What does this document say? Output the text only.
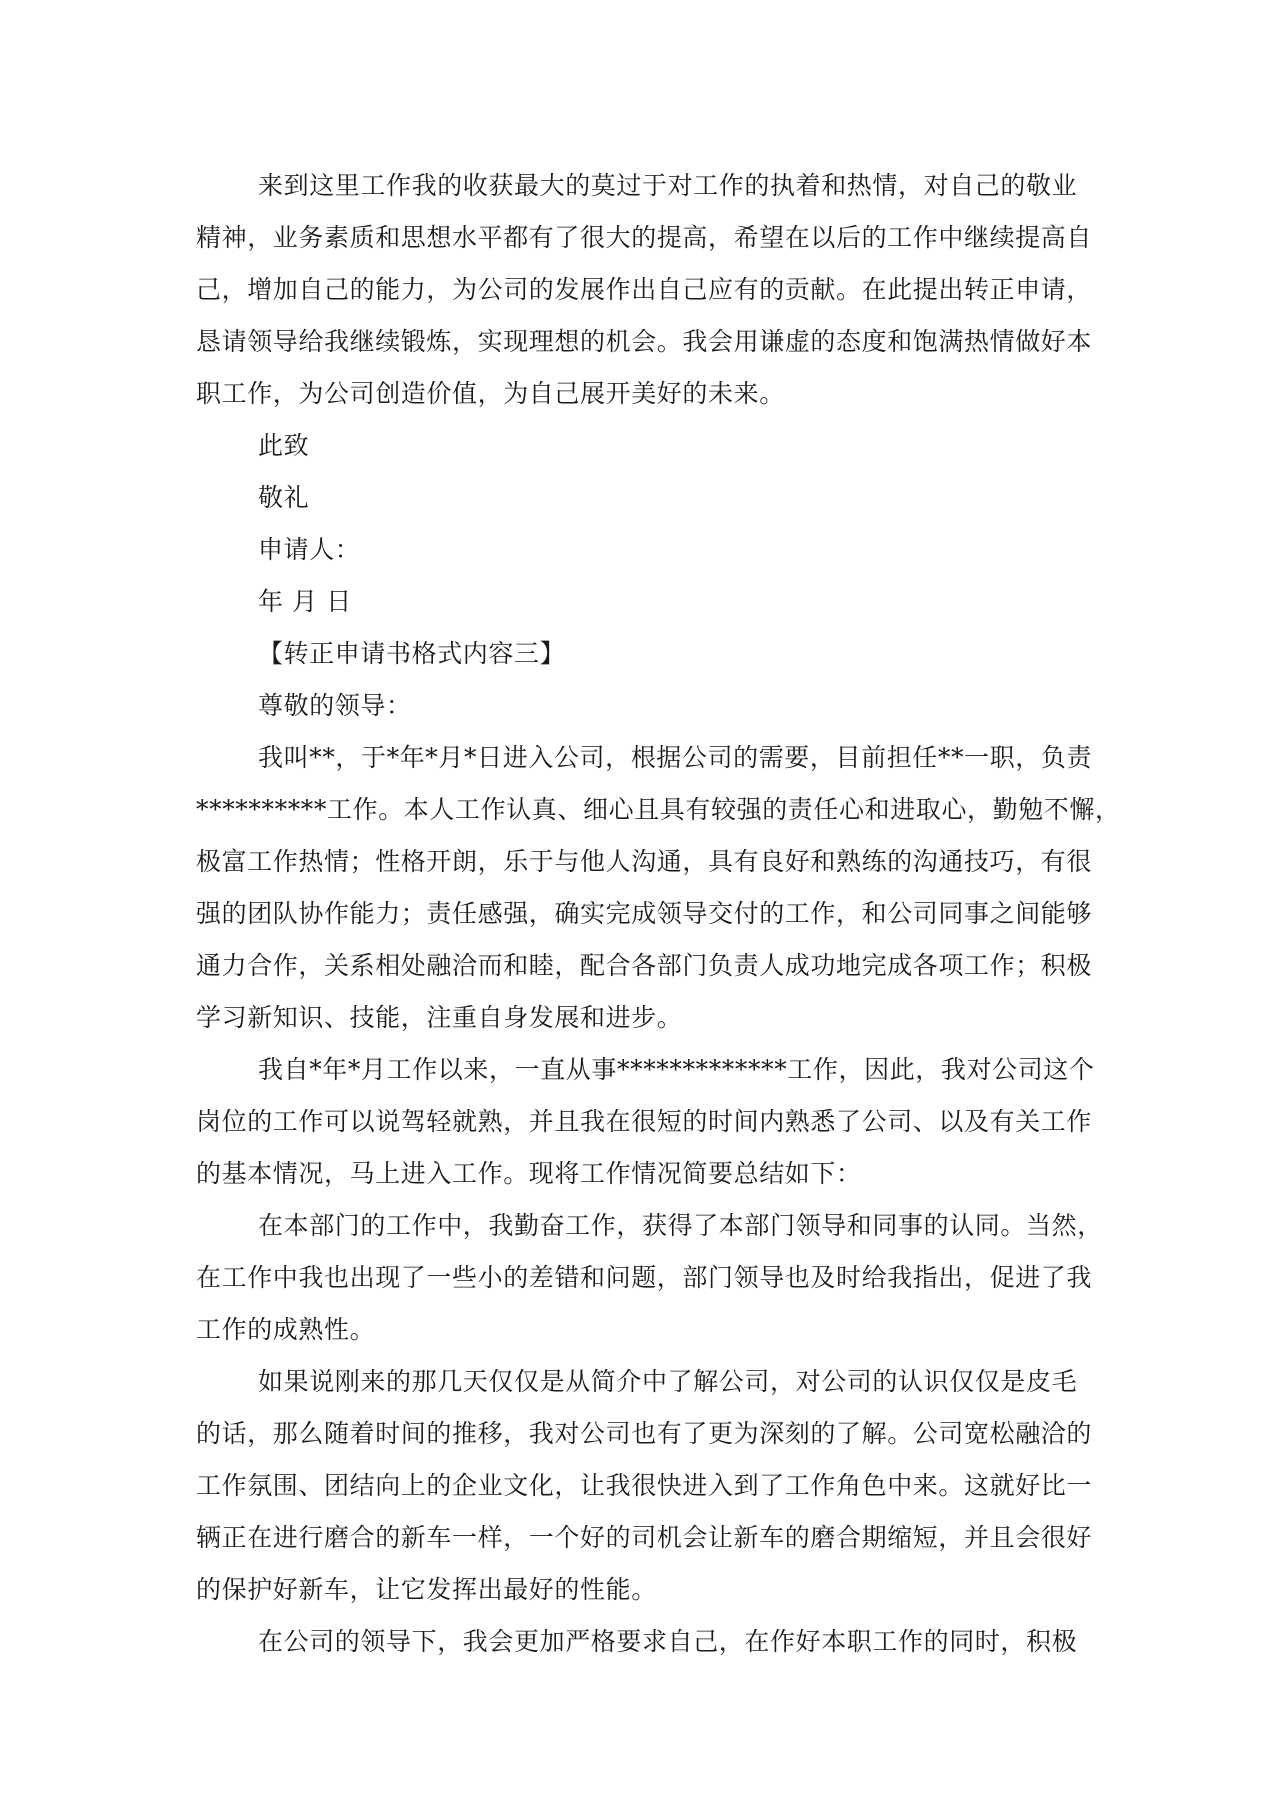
来到这里工作我的收获最大的莫过于对工作的执着和热情，对自己的敬业
精神，业务素质和思想水平都有了很大的提高，希望在以后的工作中继续提高自
己，增加自己的能力，为公司的发展作出自己应有的贡献。在此提出转正申请，
恳请领导给我继续锻炼，实现理想的机会。我会用谦虚的态度和饱满热情做好本
职工作，为公司创造价值，为自己展开美好的未来。
此致
敬礼
申请人：
年 月 日
【转正申请书格式内容三】
尊敬的领导：
我叫**，于*年*月*日进入公司，根据公司的需要，目前担任**一职，负责
**********工作。本人工作认真、细心且具有较强的责任心和进取心，勤勉不懈，
极富工作热情；性格开朗，乐于与他人沟通，具有良好和熟练的沟通技巧，有很
强的团队协作能力；责任感强，确实完成领导交付的工作，和公司同事之间能够
通力合作，关系相处融洽而和睦，配合各部门负责人成功地完成各项工作；积极
学习新知识、技能，注重自身发展和进步。
我自*年*月工作以来，一直从事*************工作，因此，我对公司这个
岗位的工作可以说驾轻就熟，并且我在很短的时间内熟悉了公司、以及有关工作
的基本情况，马上进入工作。现将工作情况简要总结如下：
在本部门的工作中，我勤奋工作，获得了本部门领导和同事的认同。当然，
在工作中我也出现了一些小的差错和问题，部门领导也及时给我指出，促进了我
工作的成熟性。
如果说刚来的那几天仅仅是从简介中了解公司，对公司的认识仅仅是皮毛
的话，那么随着时间的推移，我对公司也有了更为深刻的了解。公司宽松融洽的
工作氛围、团结向上的企业文化，让我很快进入到了工作角色中来。这就好比一
辆正在进行磨合的新车一样，一个好的司机会让新车的磨合期缩短，并且会很好
的保护好新车，让它发挥出最好的性能。
在公司的领导下，我会更加严格要求自己，在作好本职工作的同时，积极
